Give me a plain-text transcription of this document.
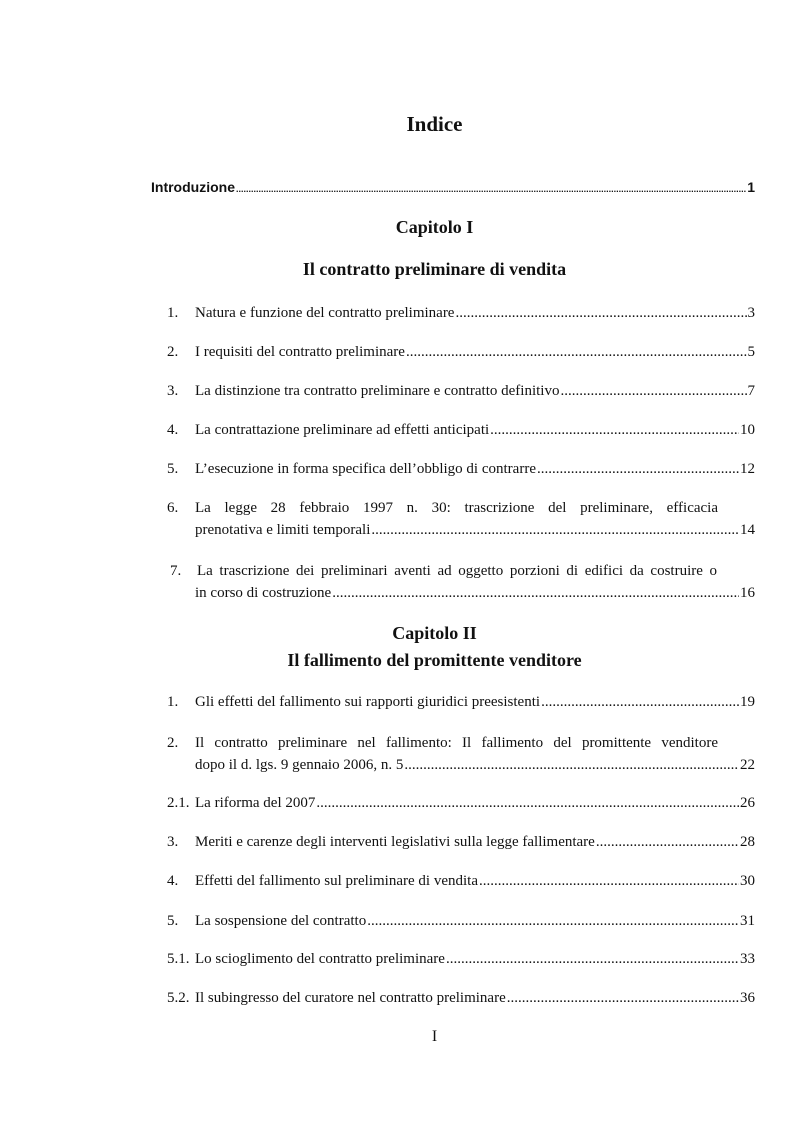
Indice
Introduzione .....	1
Capitolo I
Il contratto preliminare di vendita
1. Natura e funzione del contratto preliminare .....	3
2. I requisiti del contratto preliminare .....	5
3. La distinzione tra contratto preliminare e contratto definitivo .....	7
4. La contrattazione preliminare ad effetti anticipati .....	10
5. L’esecuzione in forma specifica dell’obbligo di contrarre .....	12
6. La legge 28 febbraio 1997 n. 30: trascrizione del preliminare, efficacia
prenotativa e limiti temporali .....	14
7. La trascrizione dei preliminari aventi ad oggetto porzioni di edifici da costruire o
in corso di costruzione .....	16
Capitolo II
Il fallimento del promittente venditore
1. Gli effetti del fallimento sui rapporti giuridici preesistenti .....	19
2. Il contratto preliminare nel fallimento: Il fallimento del promittente venditore
dopo il d. lgs. 9 gennaio 2006, n. 5 .....	22
2.1. La riforma del 2007 .....	26
3. Meriti e carenze degli interventi legislativi sulla legge fallimentare .....	28
4. Effetti del fallimento sul preliminare di vendita .....	30
5. La sospensione del contratto .....	31
5.1. Lo scioglimento del contratto preliminare .....	33
5.2. Il subingresso del curatore nel contratto preliminare .....	36
I
